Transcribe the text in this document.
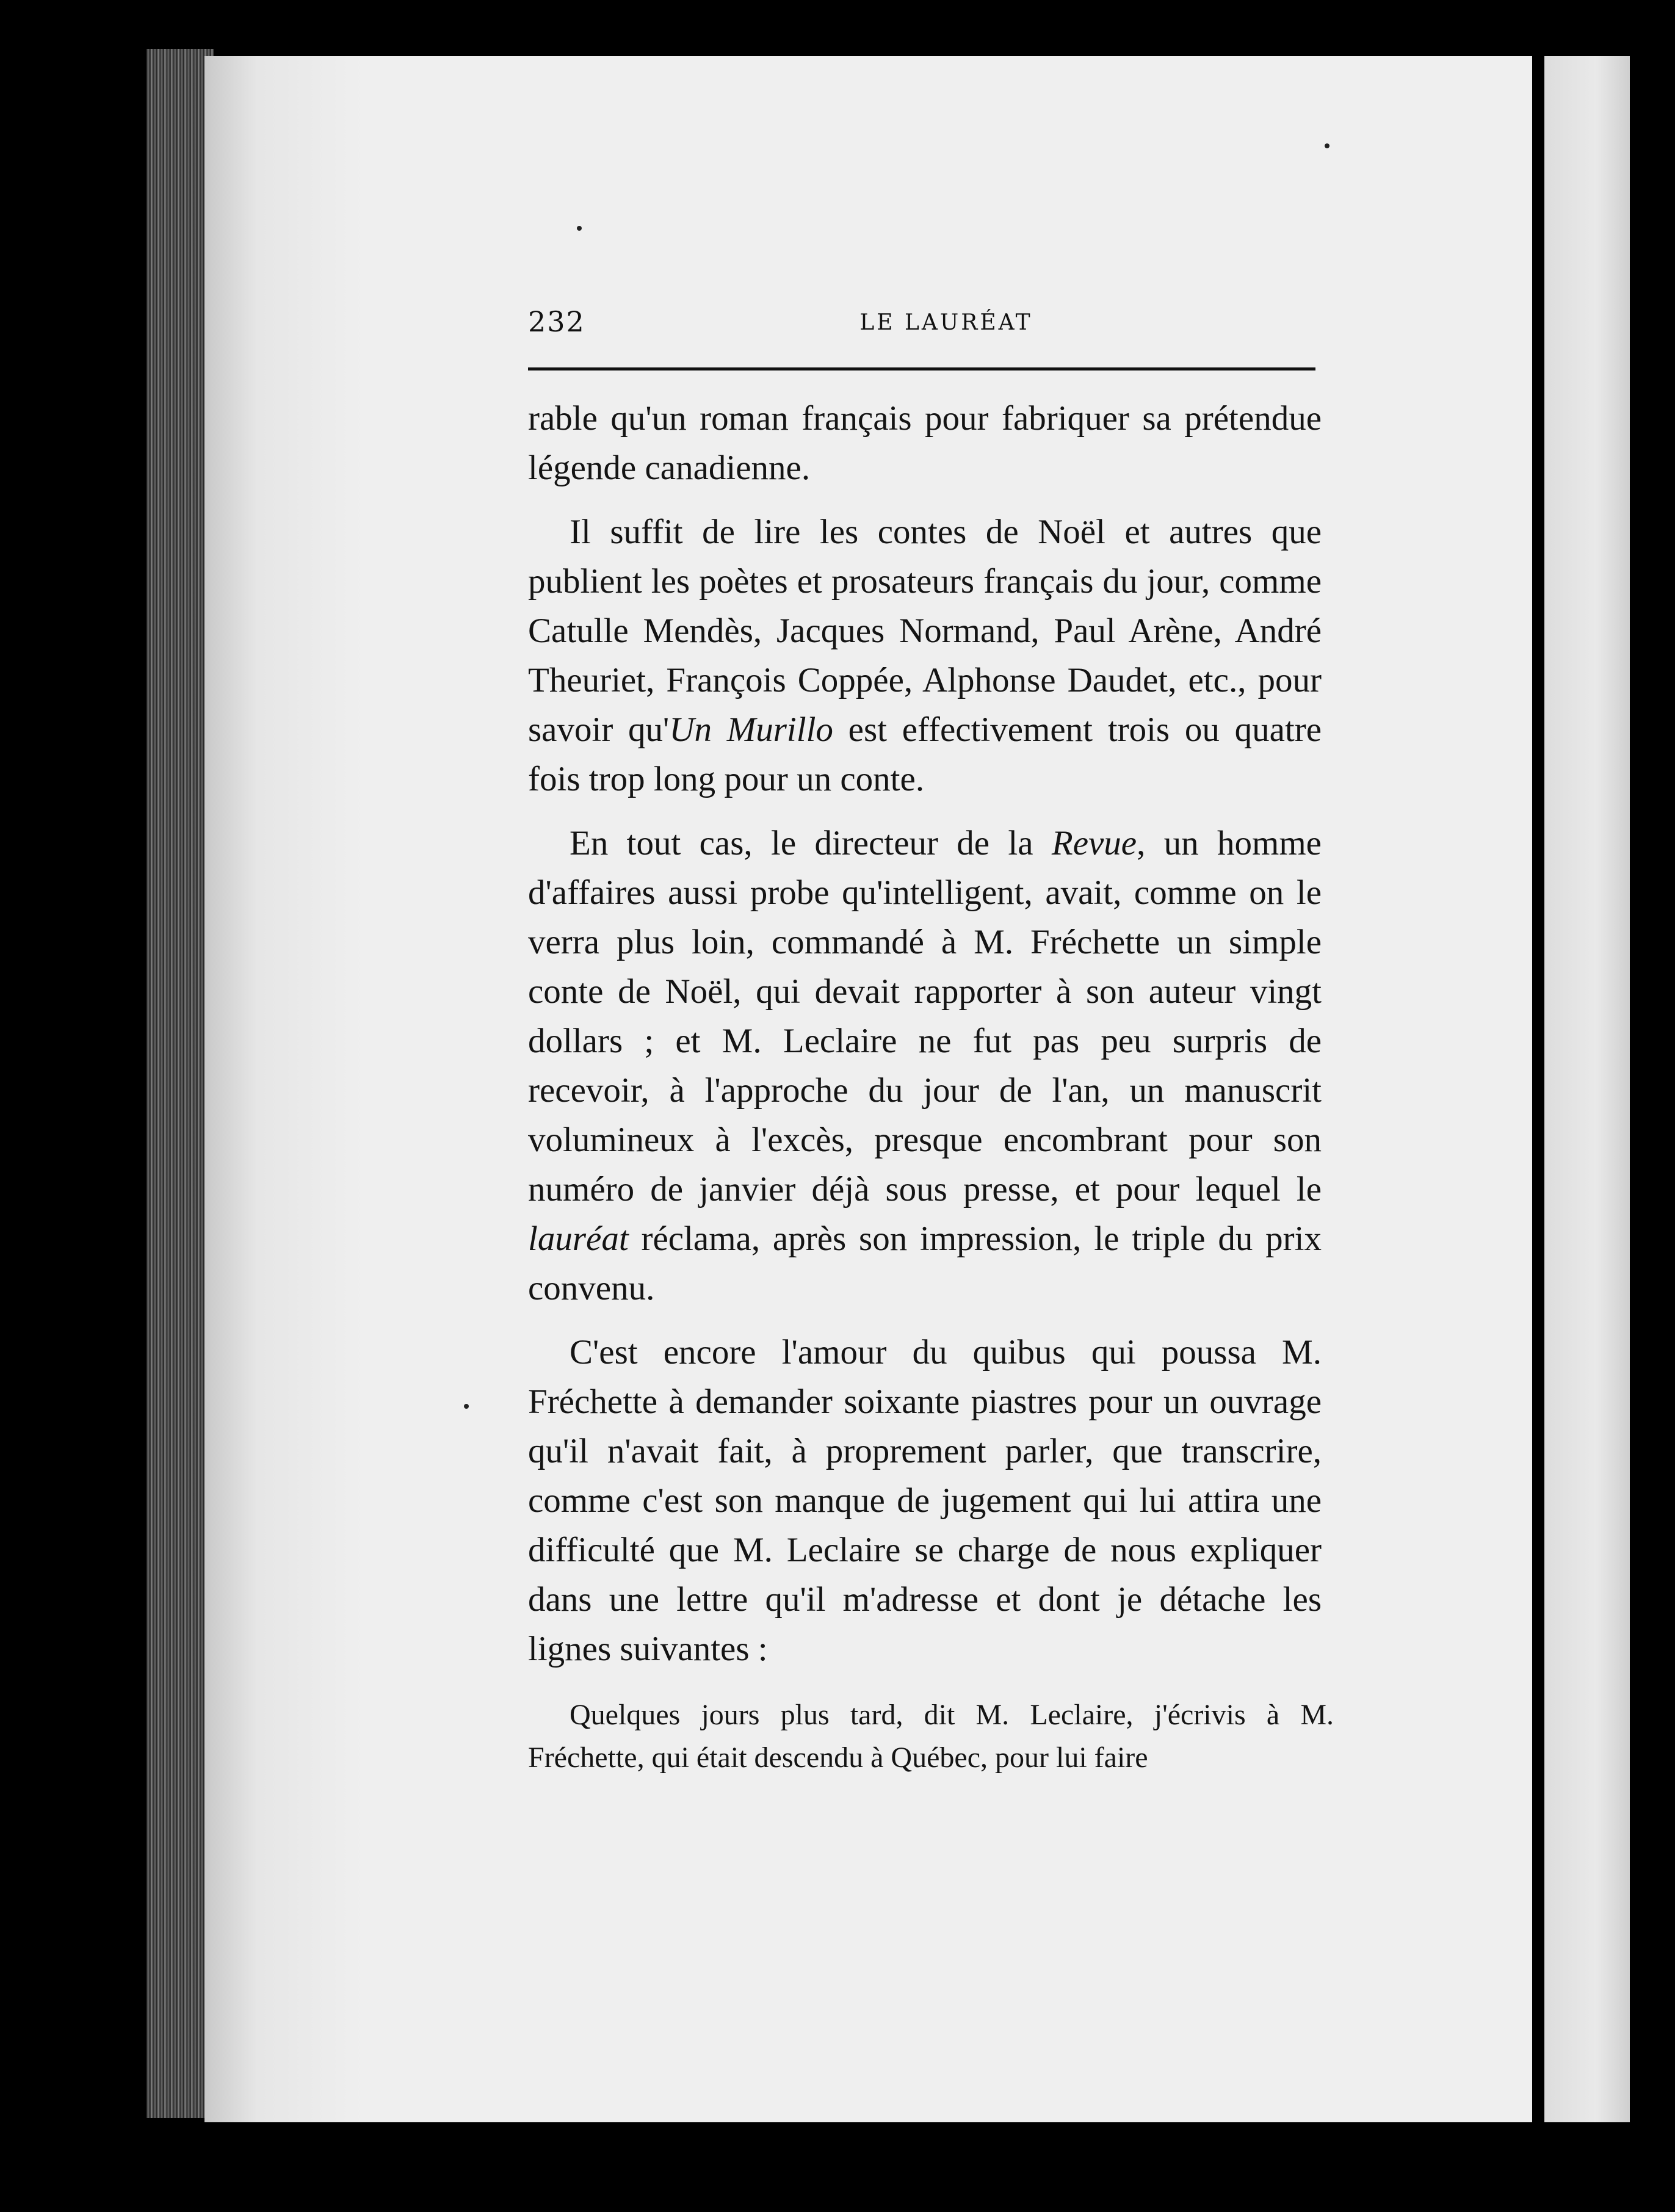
232	LE LAURÉAT

rable qu'un roman français pour fabriquer sa prétendue légende canadienne.

Il suffit de lire les contes de Noël et autres que publient les poètes et prosateurs français du jour, comme Catulle Mendès, Jacques Normand, Paul Arène, André Theuriet, François Coppée, Alphonse Daudet, etc., pour savoir qu'Un Murillo est effectivement trois ou quatre fois trop long pour un conte.

En tout cas, le directeur de la Revue, un homme d'affaires aussi probe qu'intelligent, avait, comme on le verra plus loin, commandé à M. Fréchette un simple conte de Noël, qui devait rapporter à son auteur vingt dollars ; et M. Leclaire ne fut pas peu surpris de recevoir, à l'approche du jour de l'an, un manuscrit volumineux à l'excès, presque encombrant pour son numéro de janvier déjà sous presse, et pour lequel le lauréat réclama, après son impression, le triple du prix convenu.

C'est encore l'amour du quibus qui poussa M. Fréchette à demander soixante piastres pour un ouvrage qu'il n'avait fait, à proprement parler, que transcrire, comme c'est son manque de jugement qui lui attira une difficulté que M. Leclaire se charge de nous expliquer dans une lettre qu'il m'adresse et dont je détache les lignes suivantes :

Quelques jours plus tard, dit M. Leclaire, j'écrivis à M. Fréchette, qui était descendu à Québec, pour lui faire
